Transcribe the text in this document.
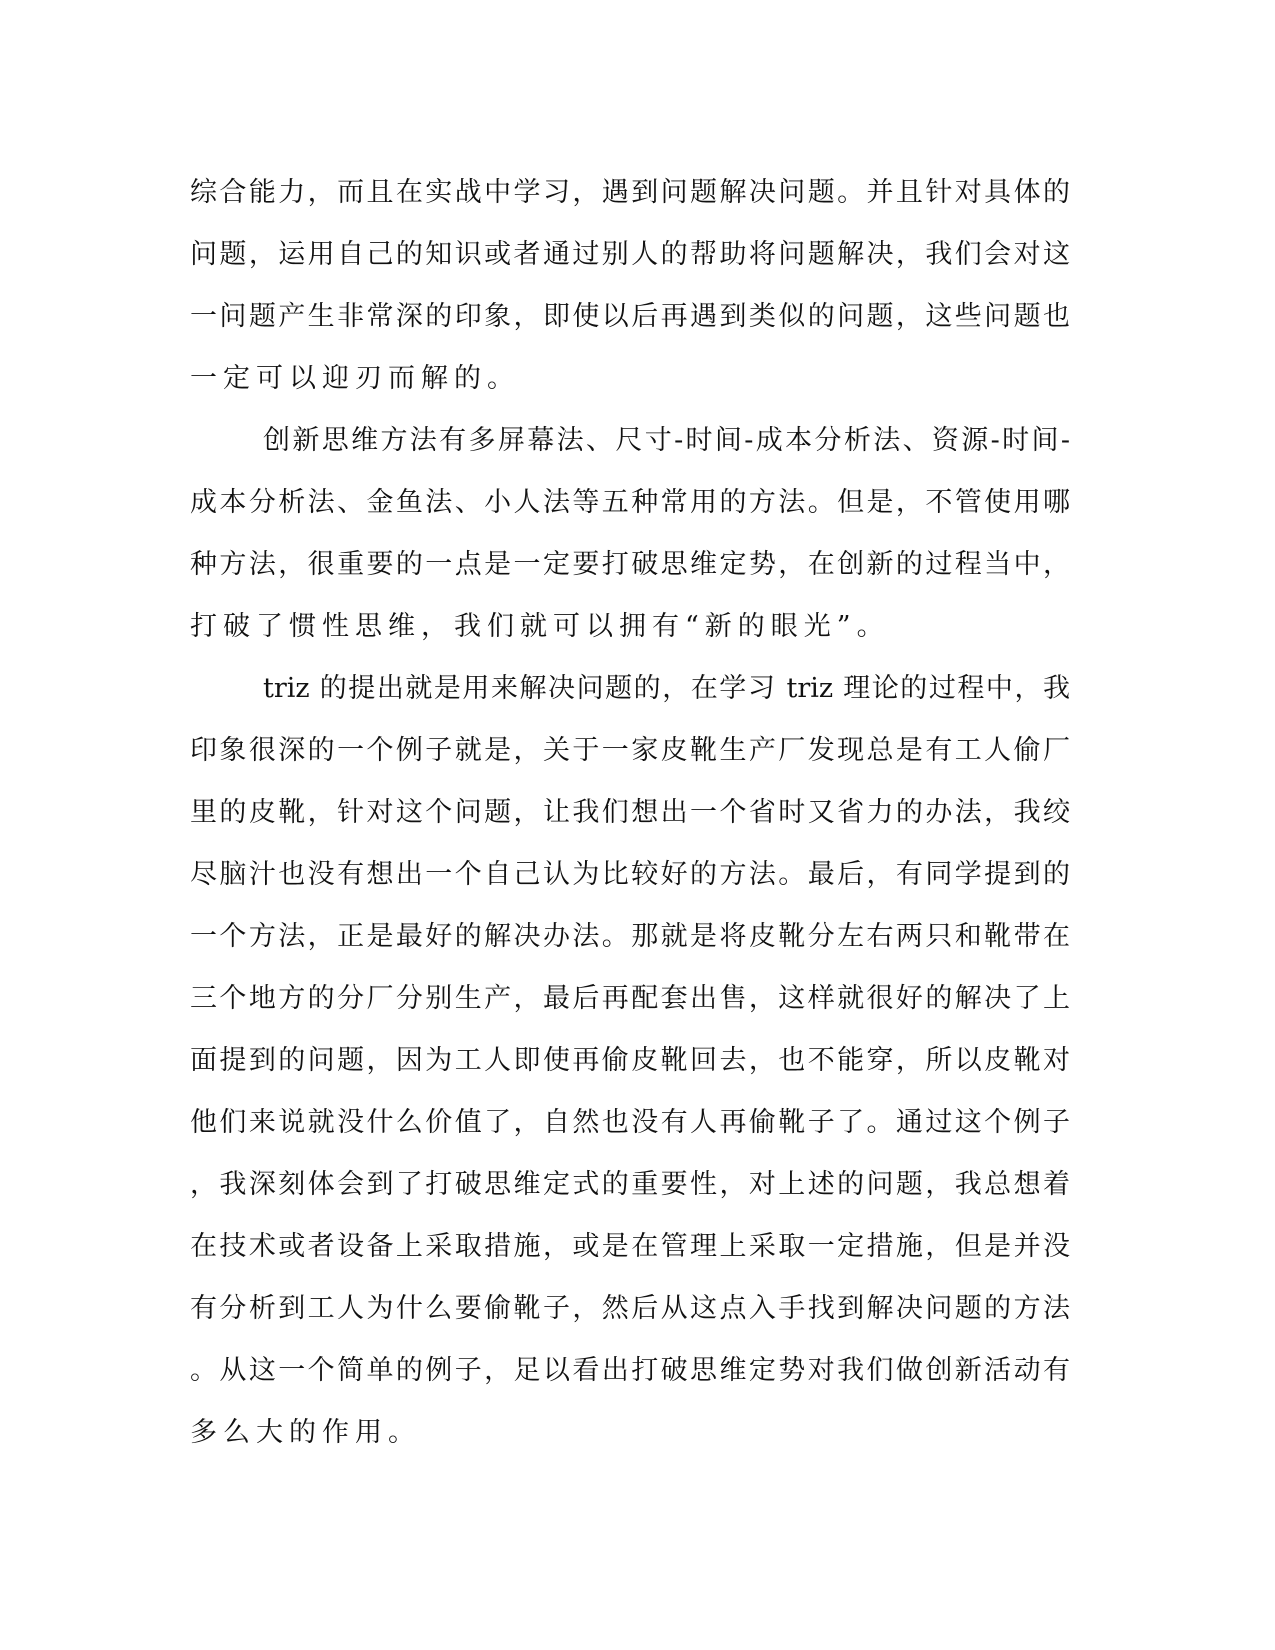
综合能力，而且在实战中学习，遇到问题解决问题。并且针对具体的
问题，运用自己的知识或者通过别人的帮助将问题解决，我们会对这
一问题产生非常深的印象，即使以后再遇到类似的问题，这些问题也
一定可以迎刃而解的。
创新思维方法有多屏幕法、尺寸-时间-成本分析法、资源-时间-
成本分析法、金鱼法、小人法等五种常用的方法。但是，不管使用哪
种方法，很重要的一点是一定要打破思维定势，在创新的过程当中，
打破了惯性思维，我们就可以拥有“新的眼光”。
triz 的提出就是用来解决问题的，在学习 triz 理论的过程中，我
印象很深的一个例子就是，关于一家皮靴生产厂发现总是有工人偷厂
里的皮靴，针对这个问题，让我们想出一个省时又省力的办法，我绞
尽脑汁也没有想出一个自己认为比较好的方法。最后，有同学提到的
一个方法，正是最好的解决办法。那就是将皮靴分左右两只和靴带在
三个地方的分厂分别生产，最后再配套出售，这样就很好的解决了上
面提到的问题，因为工人即使再偷皮靴回去，也不能穿，所以皮靴对
他们来说就没什么价值了，自然也没有人再偷靴子了。通过这个例子
，我深刻体会到了打破思维定式的重要性，对上述的问题，我总想着
在技术或者设备上采取措施，或是在管理上采取一定措施，但是并没
有分析到工人为什么要偷靴子，然后从这点入手找到解决问题的方法
。从这一个简单的例子，足以看出打破思维定势对我们做创新活动有
多么大的作用。
